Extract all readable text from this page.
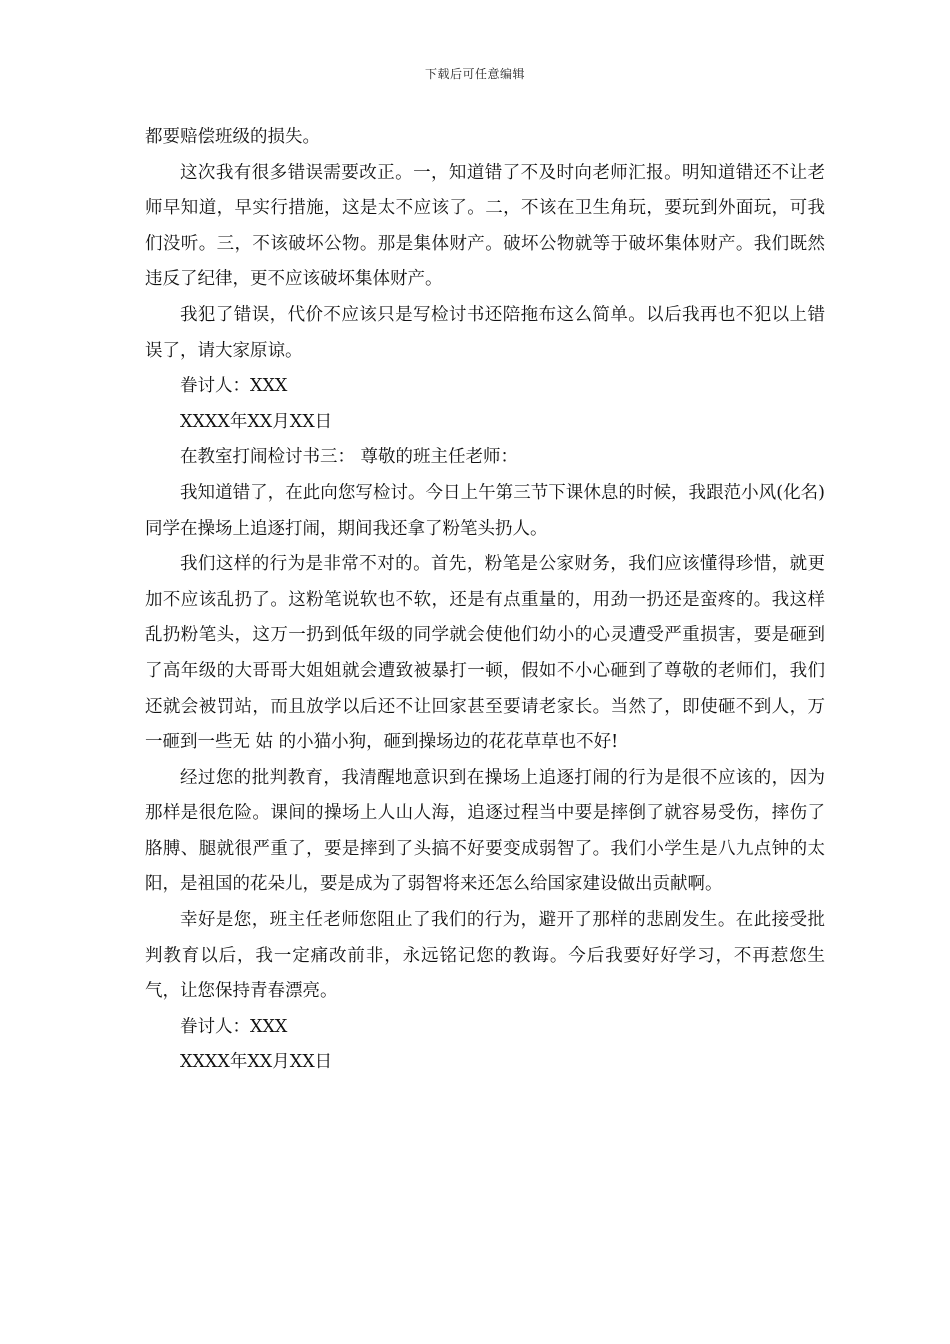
下载后可任意编辑

都要赔偿班级的损失。

这次我有很多错误需要改正。一，知道错了不及时向老师汇报。明知道错还不让老师早知道，早实行措施，这是太不应该了。二，不该在卫生角玩，要玩到外面玩，可我们没听。三，不该破坏公物。那是集体财产。破坏公物就等于破坏集体财产。我们既然违反了纪律，更不应该破坏集体财产。

我犯了错误，代价不应该只是写检讨书还陪拖布这么简单。以后我再也不犯以上错误了，请大家原谅。

眷讨人：XXX

XXXX年XX月XX日

在教室打闹检讨书三： 尊敬的班主任老师：

我知道错了，在此向您写检讨。今日上午第三节下课休息的时候，我跟范小风(化名)同学在操场上追逐打闹，期间我还拿了粉笔头扔人。

我们这样的行为是非常不对的。首先，粉笔是公家财务，我们应该懂得珍惜，就更加不应该乱扔了。这粉笔说软也不软，还是有点重量的，用劲一扔还是蛮疼的。我这样乱扔粉笔头，这万一扔到低年级的同学就会使他们幼小的心灵遭受严重损害，要是砸到了高年级的大哥哥大姐姐就会遭致被暴打一顿，假如不小心砸到了尊敬的老师们，我们还就会被罚站，而且放学以后还不让回家甚至要请老家长。当然了，即使砸不到人，万一砸到一些无 姑 的小猫小狗，砸到操场边的花花草草也不好!

经过您的批判教育，我清醒地意识到在操场上追逐打闹的行为是很不应该的，因为那样是很危险。课间的操场上人山人海，追逐过程当中要是摔倒了就容易受伤，摔伤了胳膊、腿就很严重了，要是摔到了头搞不好要变成弱智了。我们小学生是八九点钟的太阳，是祖国的花朵儿，要是成为了弱智将来还怎么给国家建设做出贡献啊。

幸好是您，班主任老师您阻止了我们的行为，避开了那样的悲剧发生。在此接受批判教育以后，我一定痛改前非，永远铭记您的教诲。今后我要好好学习，不再惹您生气，让您保持青春漂亮。

眷讨人：XXX

XXXX年XX月XX日
